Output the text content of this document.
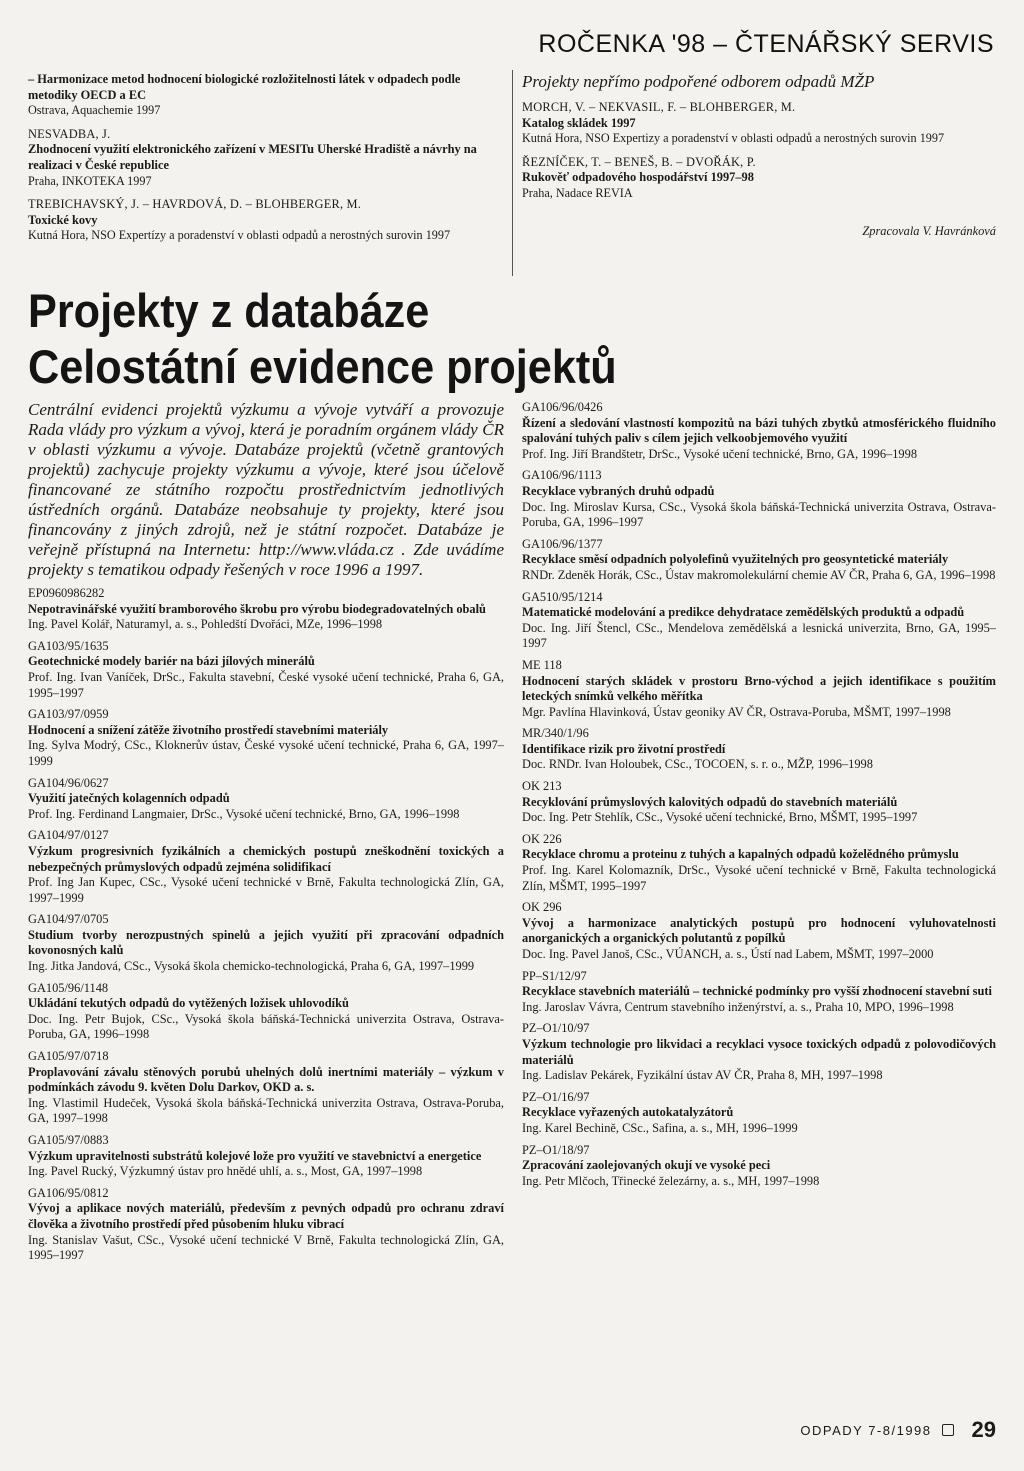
ROČENKA '98 – ČTENÁŘSKÝ SERVIS
– Harmonizace metod hodnocení biologické rozložitelnosti látek v odpadech podle metodiky OECD a EC
Ostrava, Aquachemie 1997
NESVADBA, J.
Zhodnocení využití elektronického zařízení v MESITu Uherské Hradiště a návrhy na realizaci v České republice
Praha, INKOTEKA 1997
TREBICHAVSKÝ, J. – HAVRDOVÁ, D. – BLOHBERGER, M.
Toxické kovy
Kutná Hora, NSO Expertízy a poradenství v oblasti odpadů a nerostných surovin 1997
Projekty nepřímo podpořené odborem odpadů MŽP
MORCH, V. – NEKVASIL, F. – BLOHBERGER, M.
Katalog skládek 1997
Kutná Hora, NSO Expertizy a poradenství v oblasti odpadů a nerostných surovin 1997
ŘEZNÍČEK, T. – BENEŠ, B. – DVOŘÁK, P.
Rukověť odpadového hospodářství 1997–98
Praha, Nadace REVIA
Zpracovala V. Havránková
Projekty z databáze
Celostátní evidence projektů
Centrální evidenci projektů výzkumu a vývoje vytváří a provozuje Rada vlády pro výzkum a vývoj, která je poradním orgánem vlády ČR v oblasti výzkumu a vývoje. Databáze projektů (včetně grantových projektů) zachycuje projekty výzkumu a vývoje, které jsou účelově financované ze státního rozpočtu prostřednictvím jednotlivých ústředních orgánů. Databáze neobsahuje ty projekty, které jsou financovány z jiných zdrojů, než je státní rozpočet. Databáze je veřejně přístupná na Internetu: http://www.vláda.cz . Zde uvádíme projekty s tematikou odpady řešených v roce 1996 a 1997.
EP0960986282
Nepotravinářské využití bramborového škrobu pro výrobu biodegradovatelných obalů
Ing. Pavel Kolář, Naturamyl, a. s., Pohledští Dvořáci, MZe, 1996–1998
GA103/95/1635
Geotechnické modely bariér na bázi jílových minerálů
Prof. Ing. Ivan Vaníček, DrSc., Fakulta stavební, České vysoké učení technické, Praha 6, GA, 1995–1997
GA103/97/0959
Hodnocení a snížení zátěže životního prostředí stavebními materiály
Ing. Sylva Modrý, CSc., Kloknerův ústav, České vysoké učení technické, Praha 6, GA, 1997–1999
GA104/96/0627
Využití jatečných kolagenních odpadů
Prof. Ing. Ferdinand Langmaier, DrSc., Vysoké učení technické, Brno, GA, 1996–1998
GA104/97/0127
Výzkum progresivních fyzikálních a chemických postupů zneškodnění toxických a nebezpečných průmyslových odpadů zejména solidifikací
Prof. Ing Jan Kupec, CSc., Vysoké učení technické v Brně, Fakulta technologická Zlín, GA, 1997–1999
GA104/97/0705
Studium tvorby nerozpustných spinelů a jejich využití při zpracování odpadních kovonosných kalů
Ing. Jitka Jandová, CSc., Vysoká škola chemicko-technologická, Praha 6, GA, 1997–1999
GA105/96/1148
Ukládání tekutých odpadů do vytěžených ložisek uhlovodíků
Doc. Ing. Petr Bujok, CSc., Vysoká škola báňská-Technická univerzita Ostrava, Ostrava-Poruba, GA, 1996–1998
GA105/97/0718
Proplavování závalu stěnových porubů uhelných dolů inertními materiály – výzkum v podmínkách závodu 9. květen Dolu Darkov, OKD a. s.
Ing. Vlastimil Hudeček, Vysoká škola báňská-Technická univerzita Ostrava, Ostrava-Poruba, GA, 1997–1998
GA105/97/0883
Výzkum upravitelnosti substrátů kolejové lože pro využití ve stavebnictví a energetice
Ing. Pavel Rucký, Výzkumný ústav pro hnědé uhlí, a. s., Most, GA, 1997–1998
GA106/95/0812
Vývoj a aplikace nových materiálů, především z pevných odpadů pro ochranu zdraví člověka a životního prostředí před působením hluku vibrací
Ing. Stanislav Vašut, CSc., Vysoké učení technické V Brně, Fakulta technologická Zlín, GA, 1995–1997
GA106/96/0426
Řízení a sledování vlastností kompozitů na bázi tuhých zbytků atmosférického fluidního spalování tuhých paliv s cílem jejich velkoobjemového využití
Prof. Ing. Jiří Brandštetr, DrSc., Vysoké učení technické, Brno, GA, 1996–1998
GA106/96/1113
Recyklace vybraných druhů odpadů
Doc. Ing. Miroslav Kursa, CSc., Vysoká škola báňská-Technická univerzita Ostrava, Ostrava-Poruba, GA, 1996–1997
GA106/96/1377
Recyklace směsí odpadních polyolefinů využitelných pro geosyntetické materiály
RNDr. Zdeněk Horák, CSc., Ústav makromolekulární chemie AV ČR, Praha 6, GA, 1996–1998
GA510/95/1214
Matematické modelování a predikce dehydratace zemědělských produktů a odpadů
Doc. Ing. Jiří Štencl, CSc., Mendelova zemědělská a lesnická univerzita, Brno, GA, 1995–1997
ME 118
Hodnocení starých skládek v prostoru Brno-východ a jejich identifikace s použitím leteckých snímků velkého měřítka
Mgr. Pavlína Hlavinková, Ústav geoniky AV ČR, Ostrava-Poruba, MŠMT, 1997–1998
MR/340/1/96
Identifikace rizik pro životní prostředí
Doc. RNDr. Ivan Holoubek, CSc., TOCOEN, s. r. o., MŽP, 1996–1998
OK 213
Recyklování průmyslových kalovitých odpadů do stavebních materiálů
Doc. Ing. Petr Stehlík, CSc., Vysoké učení technické, Brno, MŠMT, 1995–1997
OK 226
Recyklace chromu a proteinu z tuhých a kapalných odpadů koželědného průmyslu
Prof. Ing. Karel Kolomazník, DrSc., Vysoké učení technické v Brně, Fakulta technologická Zlín, MŠMT, 1995–1997
OK 296
Vývoj a harmonizace analytických postupů pro hodnocení vyluhovatelnosti anorganických a organických polutantů z popílků
Doc. Ing. Pavel Janoš, CSc., VÚANCH, a. s., Ústí nad Labem, MŠMT, 1997–2000
PP–S1/12/97
Recyklace stavebních materiálů – technické podmínky pro vyšší zhodnocení stavební suti
Ing. Jaroslav Vávra, Centrum stavebního inženýrství, a. s., Praha 10, MPO, 1996–1998
PZ–O1/10/97
Výzkum technologie pro likvidaci a recyklaci vysoce toxických odpadů z polovodičových materiálů
Ing. Ladislav Pekárek, Fyzikální ústav AV ČR, Praha 8, MH, 1997–1998
PZ–O1/16/97
Recyklace vyřazených autokatalyzátorů
Ing. Karel Bechině, CSc., Safina, a. s., MH, 1996–1999
PZ–O1/18/97
Zpracování zaolejovaných okují ve vysoké peci
Ing. Petr Mlčoch, Třinecké železárny, a. s., MH, 1997–1998
ODPADY 7-8/1998 29
